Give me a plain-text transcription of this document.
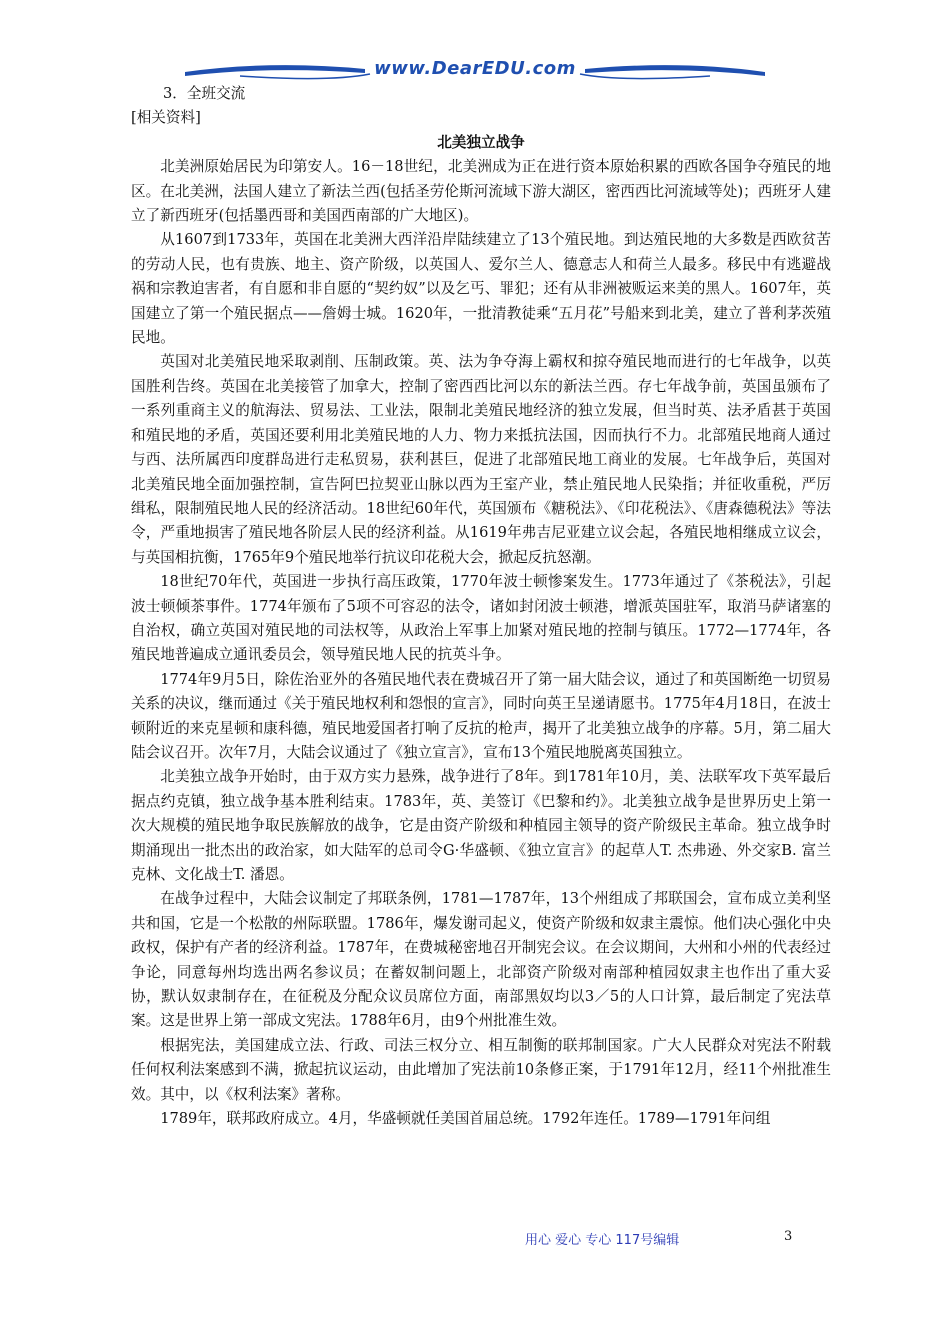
www.DearEDU.com

3．全班交流

[相关资料]

北美独立战争

北美洲原始居民为印第安人。16－18世纪，北美洲成为正在进行资本原始积累的西欧各国争夺殖民的地区。在北美洲，法国人建立了新法兰西(包括圣劳伦斯河流域下游大湖区，密西西比河流域等处)；西班牙人建立了新西班牙(包括墨西哥和美国西南部的广大地区)。

从1607到1733年，英国在北美洲大西洋沿岸陆续建立了13个殖民地。到达殖民地的大多数是西欧贫苦的劳动人民，也有贵族、地主、资产阶级，以英国人、爱尔兰人、德意志人和荷兰人最多。移民中有逃避战祸和宗教迫害者，有自愿和非自愿的“契约奴”以及乞丐、罪犯；还有从非洲被贩运来美的黑人。1607年，英国建立了第一个殖民据点——詹姆士城。1620年，一批清教徒乘“五月花”号船来到北美，建立了普利茅茨殖民地。

英国对北美殖民地采取剥削、压制政策。英、法为争夺海上霸权和掠夺殖民地而进行的七年战争，以英国胜利告终。英国在北美接管了加拿大，控制了密西西比河以东的新法兰西。存七年战争前，英国虽颁布了一系列重商主义的航海法、贸易法、工业法，限制北美殖民地经济的独立发展，但当时英、法矛盾甚于英国和殖民地的矛盾，英国还要利用北美殖民地的人力、物力来抵抗法国，因而执行不力。北部殖民地商人通过与西、法所属西印度群岛进行走私贸易，获利甚巨，促进了北部殖民地工商业的发展。七年战争后，英国对北美殖民地全面加强控制，宣告阿巴拉契亚山脉以西为王室产业，禁止殖民地人民染指；并征收重税，严厉缉私，限制殖民地人民的经济活动。18世纪60年代，英国颁布《糖税法》、《印花税法》、《唐森德税法》等法令，严重地损害了殖民地各阶层人民的经济利益。从1619年弗吉尼亚建立议会起，各殖民地相继成立议会，与英国相抗衡，1765年9个殖民地举行抗议印花税大会，掀起反抗怒潮。

18世纪70年代，英国进一步执行高压政策，1770年波士顿惨案发生。1773年通过了《茶税法》，引起波士顿倾茶事件。1774年颁布了5项不可容忍的法令，诸如封闭波士顿港，增派英国驻军，取消马萨诸塞的自治权，确立英国对殖民地的司法权等，从政治上军事上加紧对殖民地的控制与镇压。1772—1774年，各殖民地普遍成立通讯委员会，领导殖民地人民的抗英斗争。

1774年9月5日，除佐治亚外的各殖民地代表在费城召开了第一届大陆会议，通过了和英国断绝一切贸易关系的决议，继而通过《关于殖民地权利和怨恨的宣言》，同时向英王呈递请愿书。1775年4月18日，在波士顿附近的来克星顿和康科德，殖民地爱国者打响了反抗的枪声，揭开了北美独立战争的序幕。5月，第二届大陆会议召开。次年7月，大陆会议通过了《独立宣言》，宣布13个殖民地脱离英国独立。

北美独立战争开始时，由于双方实力悬殊，战争进行了8年。到1781年10月，美、法联军攻下英军最后据点约克镇，独立战争基本胜利结束。1783年，英、美签订《巴黎和约》。北美独立战争是世界历史上第一次大规模的殖民地争取民族解放的战争，它是由资产阶级和种植园主领导的资产阶级民主革命。独立战争时期涌现出一批杰出的政治家，如大陆军的总司令G·华盛顿、《独立宣言》的起草人T. 杰弗逊、外交家B. 富兰克林、文化战士T. 潘恩。

在战争过程中，大陆会议制定了邦联条例，1781—1787年，13个州组成了邦联国会，宣布成立美利坚共和国，它是一个松散的州际联盟。1786年，爆发谢司起义，使资产阶级和奴隶主震惊。他们决心强化中央政权，保护有产者的经济利益。1787年，在费城秘密地召开制宪会议。在会议期间，大州和小州的代表经过争论，同意每州均选出两名参议员；在蓄奴制问题上，北部资产阶级对南部种植园奴隶主也作出了重大妥协，默认奴隶制存在，在征税及分配众议员席位方面，南部黑奴均以3／5的人口计算，最后制定了宪法草案。这是世界上第一部成文宪法。1788年6月，由9个州批准生效。

根据宪法，美国建成立法、行政、司法三权分立、相互制衡的联邦制国家。广大人民群众对宪法不附载任何权利法案感到不满，掀起抗议运动，由此增加了宪法前10条修正案，于1791年12月，经11个州批准生效。其中，以《权利法案》著称。

1789年，联邦政府成立。4月，华盛顿就任美国首届总统。1792年连任。1789—1791年问组

用心 爱心 专心 117号编辑	3
